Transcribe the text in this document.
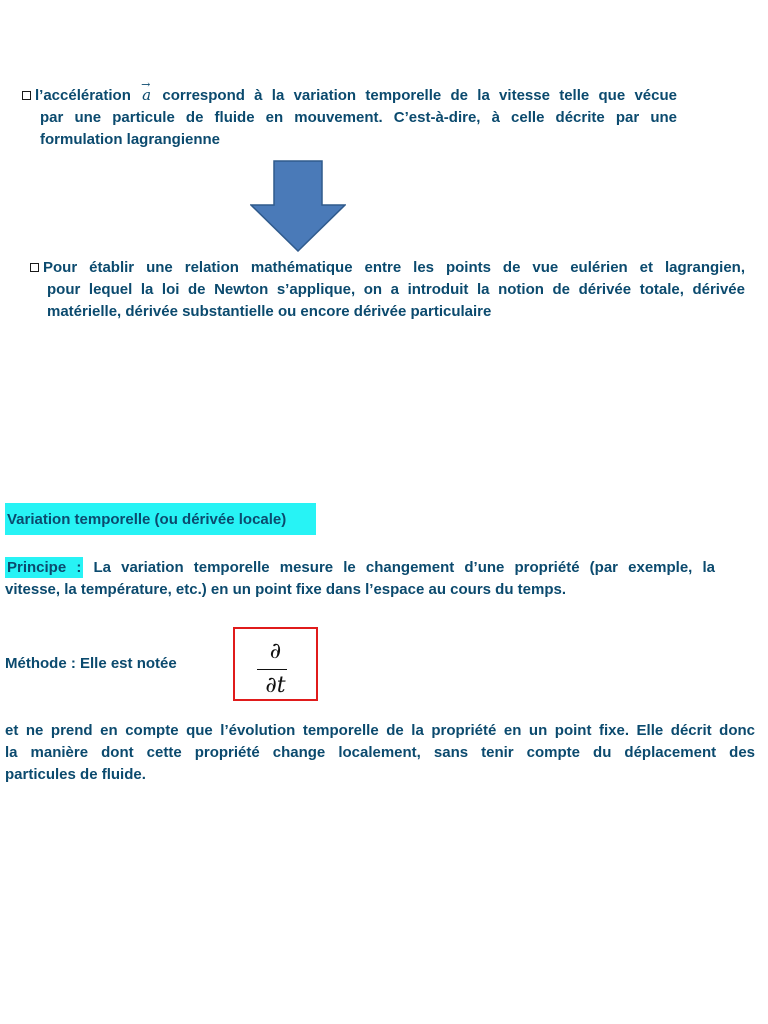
l’accélération → a correspond à la variation temporelle de la vitesse telle que vécue
par une particule de fluide en mouvement. C’est-à-dire, à celle décrite par une
formulation lagrangienne
Pour établir une relation mathématique entre les points de vue eulérien et lagrangien,
pour lequel la loi de Newton s’applique, on a introduit la notion de dérivée totale, dérivée
matérielle, dérivée substantielle ou encore dérivée particulaire
Variation temporelle (ou dérivée locale)
Principe : La variation temporelle mesure le changement d’une propriété (par exemple, la
vitesse, la température, etc.) en un point fixe dans l’espace au cours du temps.
Méthode : Elle est notée	∂
∂t
et ne prend en compte que l’évolution temporelle de la propriété en un point fixe. Elle décrit donc
la manière dont cette propriété change localement, sans tenir compte du déplacement des
particules de fluide.
